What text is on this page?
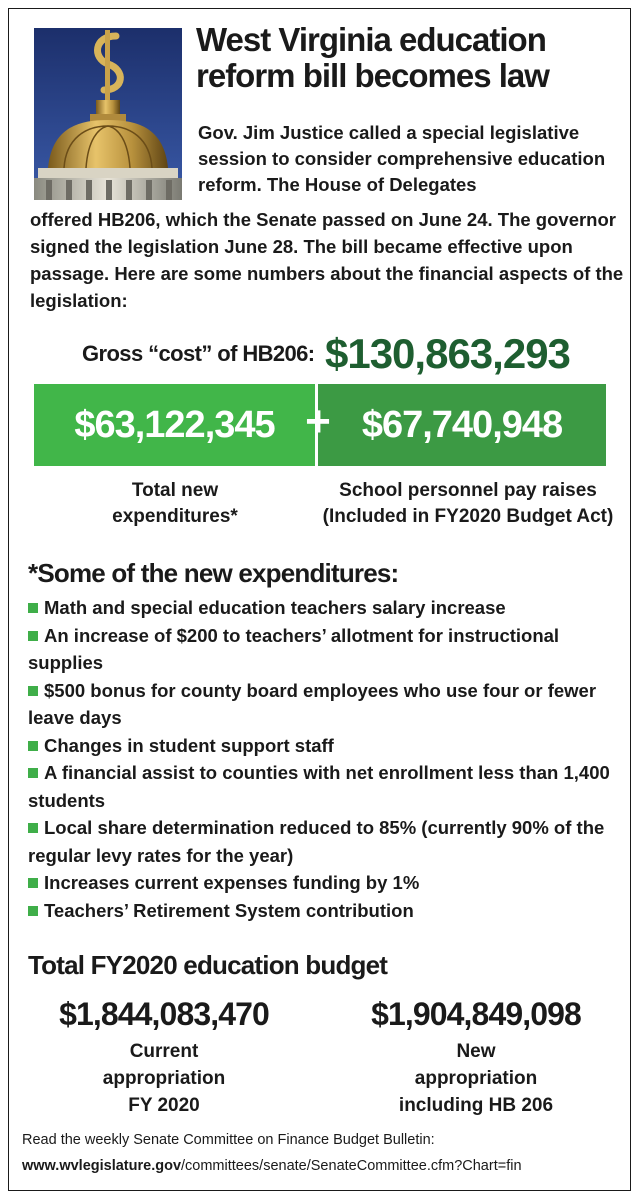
West Virginia education reform bill becomes law

Gov. Jim Justice called a special legislative session to consider comprehensive education reform. The House of Delegates

offered HB206, which the Senate passed on June 24. The governor signed the legislation June 28. The bill became effective upon passage. Here are some numbers about the financial aspects of the legislation:

Gross “cost” of HB206: $130,863,293
$63,122,345 $67,740,948
+

Total new
expenditures*

School personnel pay raises
(Included in FY2020 Budget Act)

*Some of the new expenditures:
Math and special education teachers salary increase
An increase of $200 to teachers’ allotment for instructional supplies
$500 bonus for county board employees who use four or fewer leave days
Changes in student support staff
A financial assist to counties with net enrollment less than 1,400 students
Local share determination reduced to 85% (currently 90% of the regular levy rates for the year)
Increases current expenses funding by 1%
Teachers’ Retirement System contribution
Total FY2020 education budget
$1,844,083,470
Current
appropriation
FY 2020
$1,904,849,098
New
appropriation
including HB 206

Read the weekly Senate Committee on Finance Budget Bulletin:

www.wvlegislature.gov/committees/senate/SenateCommittee.cfm?Chart=fin
